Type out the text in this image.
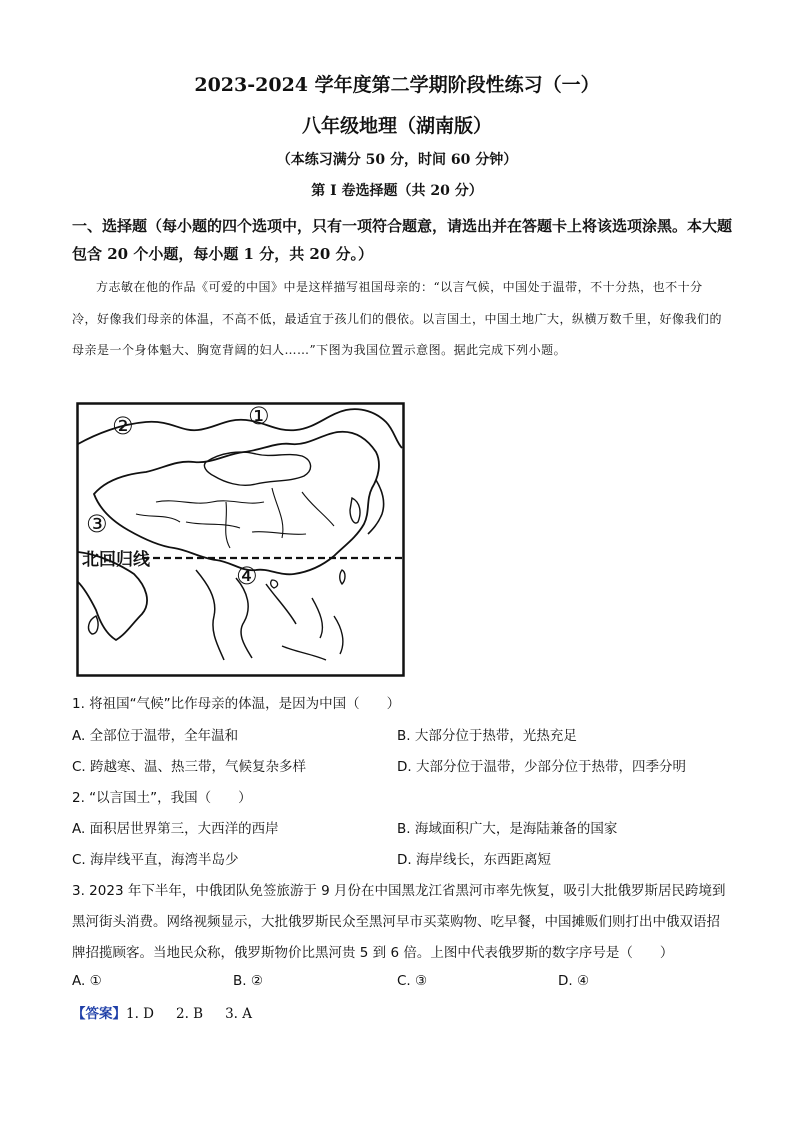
2023-2024 学年度第二学期阶段性练习（一）
八年级地理（湖南版）
（本练习满分 50 分，时间 60 分钟）
第 I 卷选择题（共 20 分）
一、选择题（每小题的四个选项中，只有一项符合题意，请选出并在答题卡上将该选项涂黑。本大题包含 20 个小题，每小题 1 分，共 20 分。）
方志敏在他的作品《可爱的中国》中是这样描写祖国母亲的：“以言气候，中国处于温带，不十分热，也不十分冷，好像我们母亲的体温，不高不低，最适宜于孩儿们的偎依。以言国土，中国土地广大，纵横万数千里，好像我们的母亲是一个身体魁大、胸宽背阔的妇人……”下图为我国位置示意图。据此完成下列小题。
北回归线
①
②
③
④
1. 将祖国“气候”比作母亲的体温，是因为中国（　　）
A. 全部位于温带，全年温和	B. 大部分位于热带，光热充足
C. 跨越寒、温、热三带，气候复杂多样	D. 大部分位于温带，少部分位于热带，四季分明
2. “以言国土”，我国（　　）
A. 面积居世界第三，大西洋的西岸	B. 海域面积广大，是海陆兼备的国家
C. 海岸线平直，海湾半岛少	D. 海岸线长，东西距离短
3. 2023 年下半年，中俄团队免签旅游于 9 月份在中国黑龙江省黑河市率先恢复，吸引大批俄罗斯居民跨境到黑河街头消费。网络视频显示，大批俄罗斯民众至黑河早市买菜购物、吃早餐，中国摊贩们则打出中俄双语招牌招揽顾客。当地民众称，俄罗斯物价比黑河贵 5 到 6 倍。上图中代表俄罗斯的数字序号是（　　）
A. ①	B. ②	C. ③	D. ④
【答案】1. D 2. B 3. A
